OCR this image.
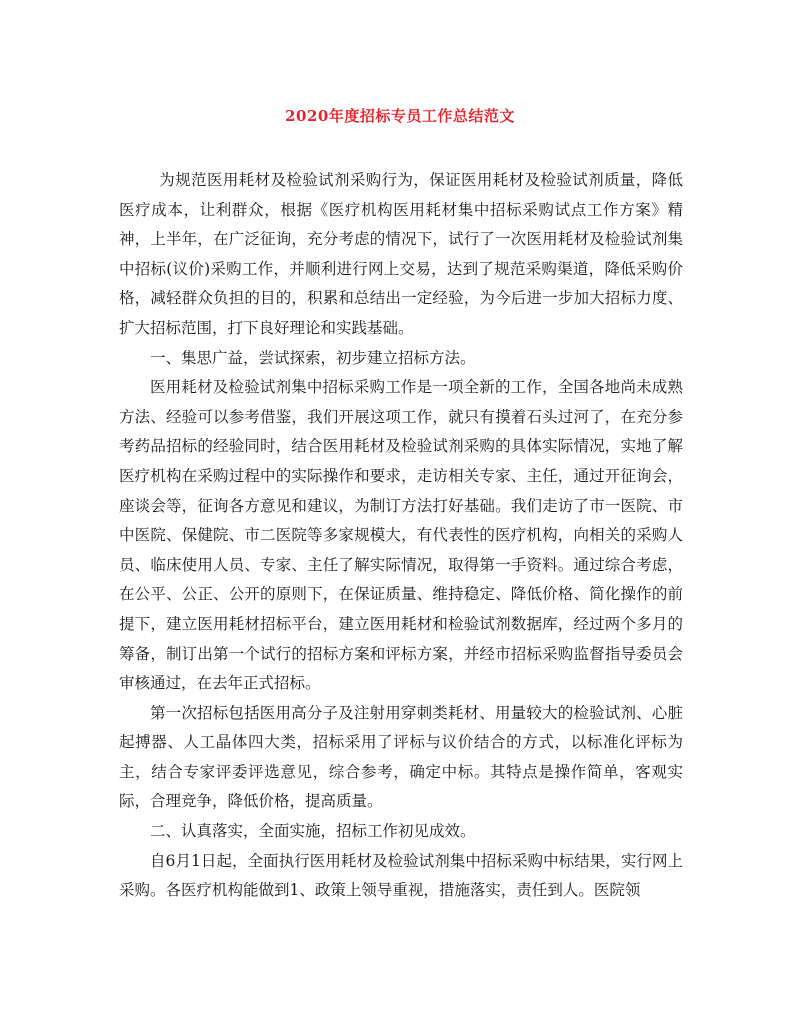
2020年度招标专员工作总结范文

为规范医用耗材及检验试剂采购行为，保证医用耗材及检验试剂质量，降低医疗成本，让利群众，根据《医疗机构医用耗材集中招标采购试点工作方案》精神，上半年，在广泛征询，充分考虑的情况下，试行了一次医用耗材及检验试剂集中招标(议价)采购工作，并顺利进行网上交易，达到了规范采购渠道，降低采购价格，减轻群众负担的目的，积累和总结出一定经验，为今后进一步加大招标力度、扩大招标范围，打下良好理论和实践基础。

一、集思广益，尝试探索，初步建立招标方法。

医用耗材及检验试剂集中招标采购工作是一项全新的工作，全国各地尚未成熟方法、经验可以参考借鉴，我们开展这项工作，就只有摸着石头过河了，在充分参考药品招标的经验同时，结合医用耗材及检验试剂采购的具体实际情况，实地了解医疗机构在采购过程中的实际操作和要求，走访相关专家、主任，通过开征询会，座谈会等，征询各方意见和建议，为制订方法打好基础。我们走访了市一医院、市中医院、保健院、市二医院等多家规模大，有代表性的医疗机构，向相关的采购人员、临床使用人员、专家、主任了解实际情况，取得第一手资料。通过综合考虑，在公平、公正、公开的原则下，在保证质量、维持稳定、降低价格、简化操作的前提下，建立医用耗材招标平台，建立医用耗材和检验试剂数据库，经过两个多月的筹备，制订出第一个试行的招标方案和评标方案，并经市招标采购监督指导委员会审核通过，在去年正式招标。

第一次招标包括医用高分子及注射用穿刺类耗材、用量较大的检验试剂、心脏起搏器、人工晶体四大类，招标采用了评标与议价结合的方式，以标准化评标为主，结合专家评委评选意见，综合参考，确定中标。其特点是操作简单，客观实际，合理竞争，降低价格，提高质量。

二、认真落实，全面实施，招标工作初见成效。

自6月1日起，全面执行医用耗材及检验试剂集中招标采购中标结果，实行网上采购。各医疗机构能做到1、政策上领导重视，措施落实，责任到人。医院领
